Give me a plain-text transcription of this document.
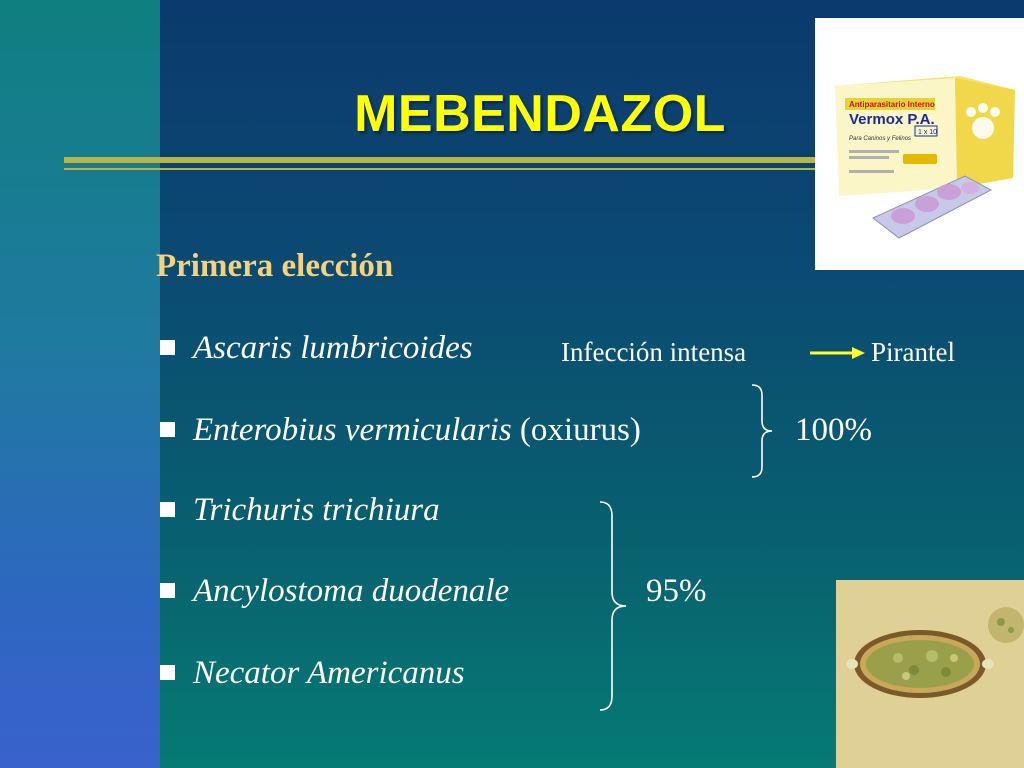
MEBENDAZOL	Antiparasitario Interno
Vermox P.A.
1 x 10
Para Caninos y Felinos
Primera elección
Ascaris lumbricoides
Enterobius vermicularis (oxiurus)
Trichuris trichiura
Ancylostoma duodenale
Necator Americanus
Infección intensa	Pirantel
100%
95%
